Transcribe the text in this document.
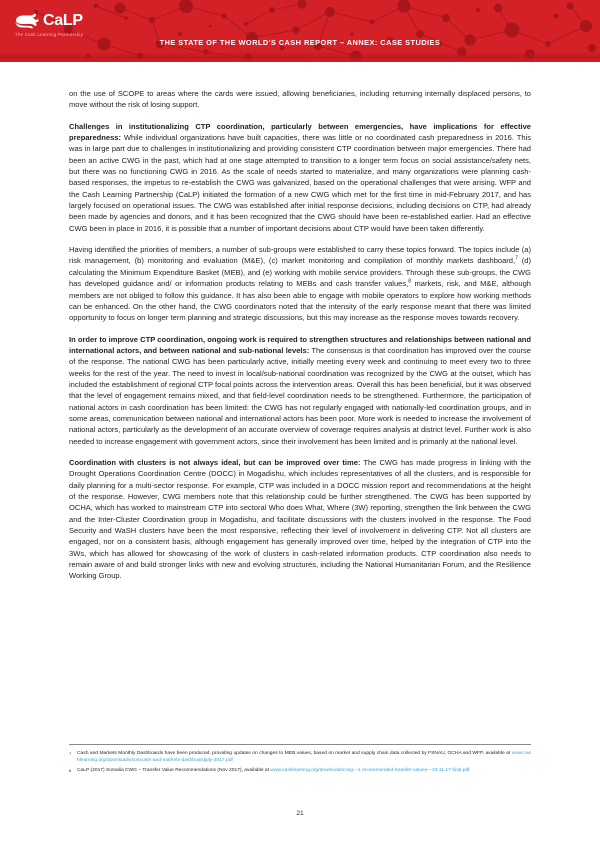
CaLP
The Cash Learning Partnership
THE STATE OF THE WORLD'S CASH REPORT – ANNEX: CASE STUDIES

on the use of SCOPE to areas where the cards were issued, allowing beneficiaries, including returning internally displaced persons, to move without the risk of losing support.

Challenges in institutionalizing CTP coordination, particularly between emergencies, have implications for effective preparedness: While individual organizations have built capacities, there was little or no coordinated cash preparedness in 2016. This was in large part due to challenges in institutionalizing and providing consistent CTP coordination between major emergencies. There had been an active CWG in the past, which had at one stage attempted to transition to a longer term focus on social assistance/safety nets, but there was no functioning CWG in 2016. As the scale of needs started to materialize, and many organizations were planning cash-based responses, the impetus to re-establish the CWG was galvanized, based on the operational challenges that were arising. WFP and the Cash Learning Partnership (CaLP) initiated the formation of a new CWG which met for the first time in mid-February 2017, and has largely focused on operational issues. The CWG was established after initial response decisions, including decisions on CTP, had already been made by agencies and donors, and it has been recognized that the CWG should have been re-established earlier. Had an effective CWG been in place in 2016, it is possible that a number of important decisions about CTP would have been taken differently.

Having identified the priorities of members, a number of sub-groups were established to carry these topics forward. The topics include (a) risk management, (b) monitoring and evaluation (M&E), (c) market monitoring and compilation of monthly markets dashboard,$^7$ (d) calculating the Minimum Expenditure Basket (MEB), and (e) working with mobile service providers. Through these sub-groups, the CWG has developed guidance and/ or information products relating to MEBs and cash transfer values,$^8$ markets, risk, and M&E, although members are not obliged to follow this guidance. It has also been able to engage with mobile operators to explore how working methods can be enhanced. On the other hand, the CWG coordinators noted that the intensity of the early response meant that there was limited opportunity to focus on longer term planning and strategic discussions, but this may increase as the response moves towards recovery.

In order to improve CTP coordination, ongoing work is required to strengthen structures and relationships between national and international actors, and between national and sub-national levels: The consensus is that coordination has improved over the course of the response. The national CWG has been particularly active, initially meeting every week and continuing to meet every two to three weeks for the rest of the year. The need to invest in local/sub-national coordination was recognized by the CWG at the outset, which has included the establishment of regional CTP focal points across the intervention areas. Overall this has been beneficial, but it was observed that the level of engagement remains mixed, and that field-level coordination needs to be strengthened. Furthermore, the participation of national actors in cash coordination has been limited: the CWG has not regularly engaged with nationally-led coordination groups, and in some areas, communication between national and international actors has been poor. More work is needed to increase the involvement of national actors, particularly as the development of an accurate overview of coverage requires analysis at district level. Further work is also needed to increase engagement with government actors, since their involvement has been limited and is primarily at the national level.

Coordination with clusters is not always ideal, but can be improved over time: The CWG has made progress in linking with the Drought Operations Coordination Centre (DOCC) in Mogadishu, which includes representatives of all the clusters, and is responsible for daily planning for a multi-sector response. For example, CTP was included in a DOCC mission report and recommendations at the height of the response. However, CWG members note that this relationship could be further strengthened. The CWG has been supported by OCHA, which has worked to mainstream CTP into sectoral Who does What, Where (3W) reporting, strengthen the link between the CWG and the Inter-Cluster Coordination group in Mogadishu, and facilitate discussions with the clusters involved in the response. The Food Security and WaSH clusters have been the most responsive, reflecting their level of involvement in delivering CTP. Not all clusters are engaged, nor on a consistent basis, although engagement has generally improved over time, helped by the integration of CTP into the 3Ws, which has allowed for showcasing of the work of clusters in cash-related information products. CTP coordination also needs to remain aware of and build stronger links with new and evolving structures, including the National Humanitarian Forum, and the Resilience Working Group.

7	Cash and Markets Monthly Dashboards have been produced, providing updates on changes to MEB values, based on market and supply chain data collected by FSNAU, OCHA and WFP, available at www.cashlearning.org/downloads/somcash-and-markets-dashboardjuly-2017.pdf
8	CaLP (2017) Somalia CWG – Transfer Value Recommendations (Nov 2017), available at www.cashlearning.org/downloads/cwg---1 recommended-transfer-values---24.11.17-final.pdf
21
